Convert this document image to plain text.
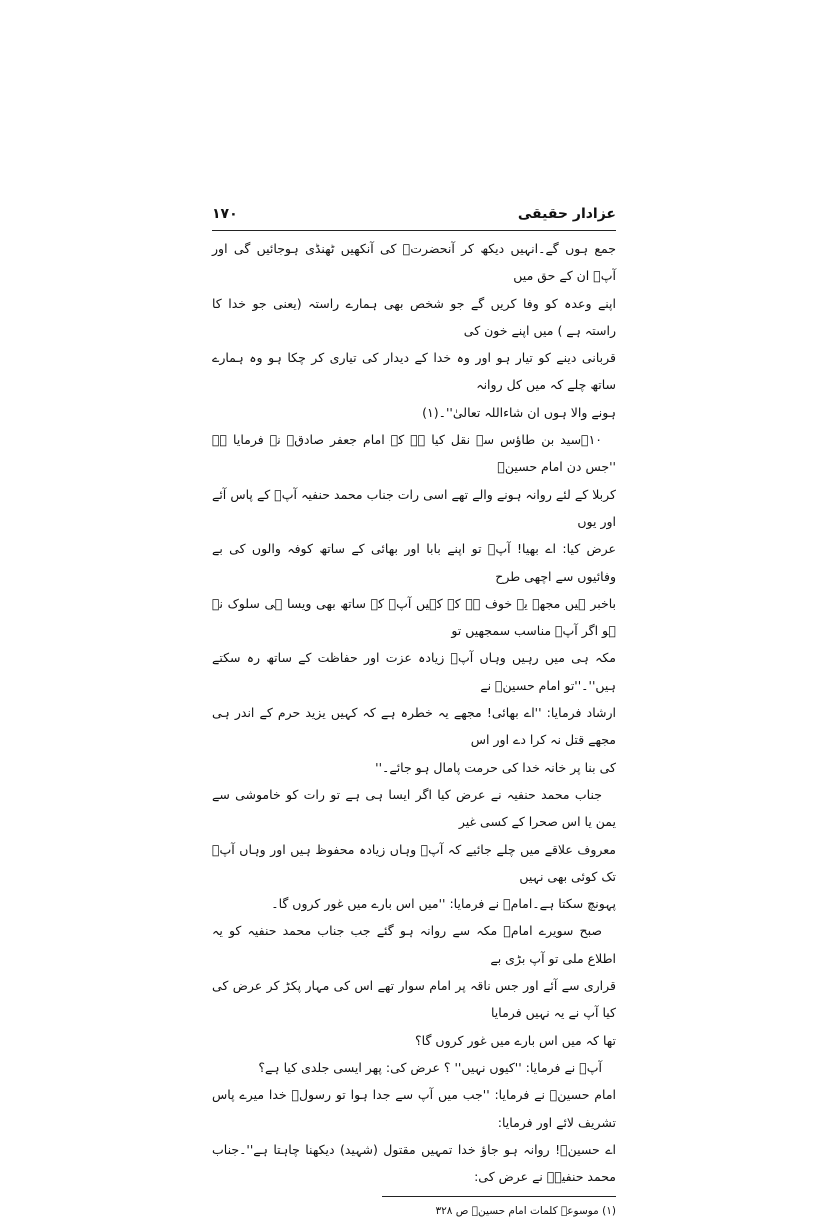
عزادار حقیقی
۱۷۰

جمع ہوں گے۔انہیں دیکھ کر آنحضرتؐ کی آنکھیں ٹھنڈی ہوجائیں گی اور آپؐ ان کے حق میں
اپنے وعدہ کو وفا کریں گے جو شخص بھی ہمارے راستہ (یعنی جو خدا کا راستہ ہے ) میں اپنے خون کی
قربانی دینے کو تیار ہو اور وہ خدا کے دیدار کی تیاری کر چکا ہو وہ ہمارے ساتھ چلے کہ میں کل روانہ
ہونے والا ہوں ان شاءاللہ تعالیٰ''۔(۱)

۱۰۔سید بن طاؤس سے نقل کیا ہے کہ امام جعفر صادقؑ نے فرمایا ہے ''جس دن امام حسینؑ
کربلا کے لئے روانہ ہونے والے تھے اسی رات جناب محمد حنفیہ آپؑ کے پاس آئے اور یوں
عرض کیا: اے بھیا! آپؑ تو اپنے بابا اور بھائی کے ساتھ کوفہ والوں کی بے وفائیوں سے اچھی طرح
باخبر ہیں مجھے یہ خوف ہے کہ کہیں آپؑ کے ساتھ بھی ویسا ہی سلوک نہ ہو اگر آپؑ مناسب سمجھیں تو
مکہ ہی میں رہیں وہاں آپؑ زیادہ عزت اور حفاظت کے ساتھ رہ سکتے ہیں''۔''تو امام حسینؑ نے
ارشاد فرمایا: ''اے بھائی! مجھے یہ خطرہ ہے کہ کہیں یزید حرم کے اندر ہی مجھے قتل نہ کرا دے اور اس
کی بنا پر خانہ خدا کی حرمت پامال ہو جائے۔''

جناب محمد حنفیہ نے عرض کیا اگر ایسا ہی ہے تو رات کو خاموشی سے یمن یا اس صحرا کے کسی غیر
معروف علاقے میں چلے جائیے کہ آپؑ وہاں زیادہ محفوظ ہیں اور وہاں آپؑ تک کوئی بھی نہیں
پہونچ سکتا ہے۔امامؑ نے فرمایا: ''میں اس بارے میں غور کروں گا۔

صبح سویرے امامؑ مکہ سے روانہ ہو گئے جب جناب محمد حنفیہ کو یہ اطلاع ملی تو آپ بڑی بے
قراری سے آئے اور جس ناقہ پر امام سوار تھے اس کی مہار پکڑ کر عرض کی کیا آپ نے یہ نہیں فرمایا
تھا کہ میں اس بارے میں غور کروں گا؟

آپؑ نے فرمایا: ''کیوں نہیں'' ؟ عرض کی: پھر ایسی جلدی کیا ہے؟

امام حسینؑ نے فرمایا: ''جب میں آپ سے جدا ہوا تو رسولؐ خدا میرے پاس تشریف لائے اور فرمایا:
اے حسینؑ! روانہ ہو جاؤ خدا تمہیں مقتول (شہید) دیکھنا چاہتا ہے''۔جناب محمد حنفیہؒ نے عرض کی:

(۱) موسوعہ کلمات امام حسینؑ ص ۳۲۸
